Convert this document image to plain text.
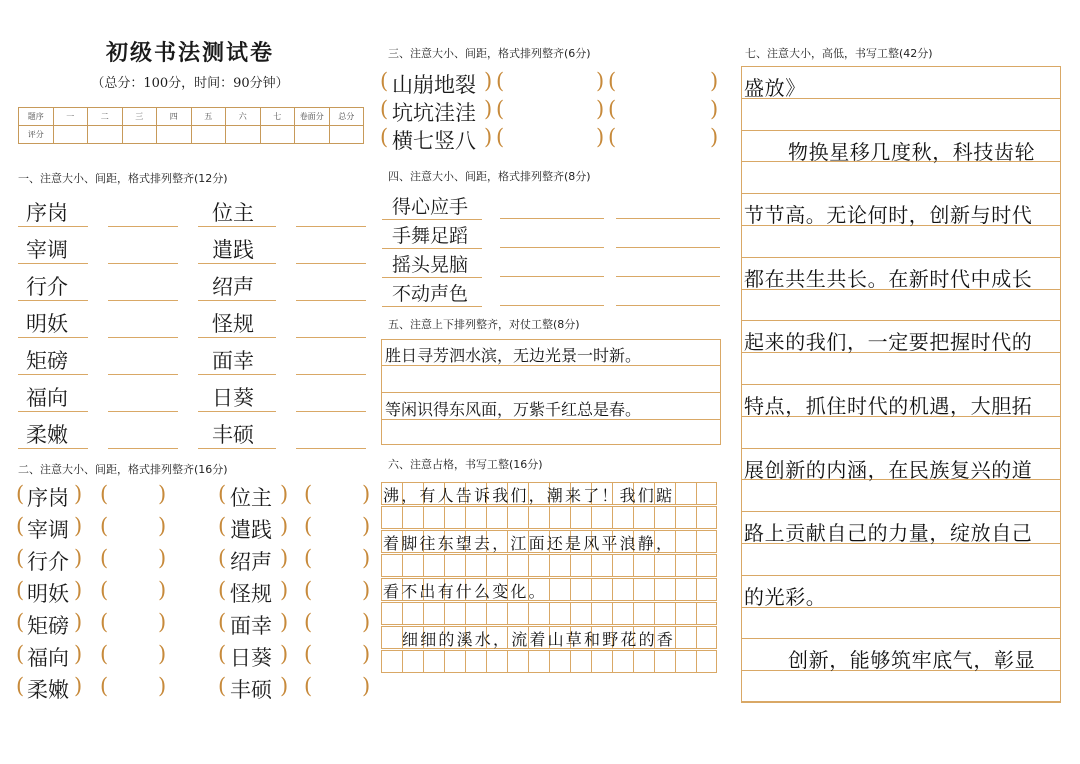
初级书法测试卷
（总分：100分，时间：90分钟）
题序	一	二	三	四	五	六	七	卷面分	总分
评分									
一、注意大小、间距，格式排列整齐(12分)
序岗	位主
宰调	遣践
行介	绍声
明妖	怪规
矩磅	面幸
福向	日葵
柔嫩	丰硕
二、注意大小、间距，格式排列整齐(16分)
( 序岗 ) ( ) ( 位主 ) ( )
( 宰调 ) ( ) ( 遣践 ) ( )
( 行介 ) ( ) ( 绍声 ) ( )
( 明妖 ) ( ) ( 怪规 ) ( )
( 矩磅 ) ( ) ( 面幸 ) ( )
( 福向 ) ( ) ( 日葵 ) ( )
( 柔嫩 ) ( ) ( 丰硕 ) ( )
三、注意大小、间距，格式排列整齐(6分)
( 山崩地裂 ) (	) (	)
( 坑坑洼洼 ) (	) (	)
( 横七竖八 ) (	) (	)
四、注意大小、间距，格式排列整齐(8分)
得心应手
手舞足蹈
摇头晃脑
不动声色
五、注意上下排列整齐，对仗工整(8分)
胜日寻芳泗水滨，无边光景一时新。
等闲识得东风面，万紫千红总是春。
六、注意占格，书写工整(16分)
沸，有人告诉我们，潮来了！我们踮
着脚往东望去，江面还是风平浪静，
看不出有什么变化。
细细的溪水，流着山草和野花的香
七、注意大小，高低，书写工整(42分)
盛放》
物换星移几度秋，科技齿轮
节节高。无论何时，创新与时代
都在共生共长。在新时代中成长
起来的我们，一定要把握时代的
特点，抓住时代的机遇，大胆拓
展创新的内涵，在民族复兴的道
路上贡献自己的力量，绽放自己
的光彩。
创新，能够筑牢底气，彰显
